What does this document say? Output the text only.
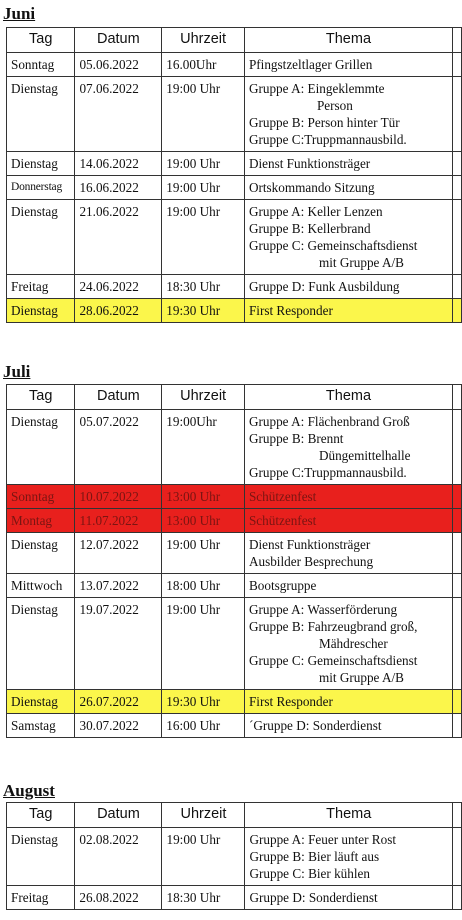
Juni
Tag	Datum	Uhrzeit	Thema	
Sonntag	05.06.2022	16.00Uhr	Pfingstzeltlager Grillen	

Dienstag	07.06.2022	19:00 Uhr	Gruppe A: Eingeklemmte
Person
Gruppe B: Person hinter Tür
Gruppe C:Truppmannausbild.	

Dienstag	14.06.2022	19:00 Uhr	Dienst Funktionsträger	

Donnerstag	16.06.2022	19:00 Uhr	Ortskommando Sitzung	

Dienstag	21.06.2022	19:00 Uhr	Gruppe A: Keller Lenzen
Gruppe B: Kellerbrand
Gruppe C: Gemeinschaftsdienst
mit Gruppe A/B	

Freitag	24.06.2022	18:30 Uhr	Gruppe D: Funk Ausbildung	

Dienstag	28.06.2022	19:30 Uhr	First Responder	

Juli
Tag	Datum	Uhrzeit	Thema	
Dienstag	05.07.2022	19:00Uhr	Gruppe A: Flächenbrand Groß
Gruppe B: Brennt
Düngemittelhalle
Gruppe C:Truppmannausbild.	

Sonntag	10.07.2022	13:00 Uhr	Schützenfest	

Montag	11.07.2022	13:00 Uhr	Schützenfest	

Dienstag	12.07.2022	19:00 Uhr	Dienst Funktionsträger
Ausbilder Besprechung	

Mittwoch	13.07.2022	18:00 Uhr	Bootsgruppe	

Dienstag	19.07.2022	19:00 Uhr	Gruppe A: Wasserförderung
Gruppe B: Fahrzeugbrand groß,
Mähdrescher
Gruppe C: Gemeinschaftsdienst
mit Gruppe A/B	

Dienstag	26.07.2022	19:30 Uhr	First Responder	

Samstag	30.07.2022	16:00 Uhr	´Gruppe D: Sonderdienst	

August
Tag	Datum	Uhrzeit	Thema	
Dienstag	02.08.2022	19:00 Uhr	Gruppe A: Feuer unter Rost
Gruppe B: Bier läuft aus
Gruppe C: Bier kühlen	

Freitag	26.08.2022	18:30 Uhr	Gruppe D: Sonderdienst	
